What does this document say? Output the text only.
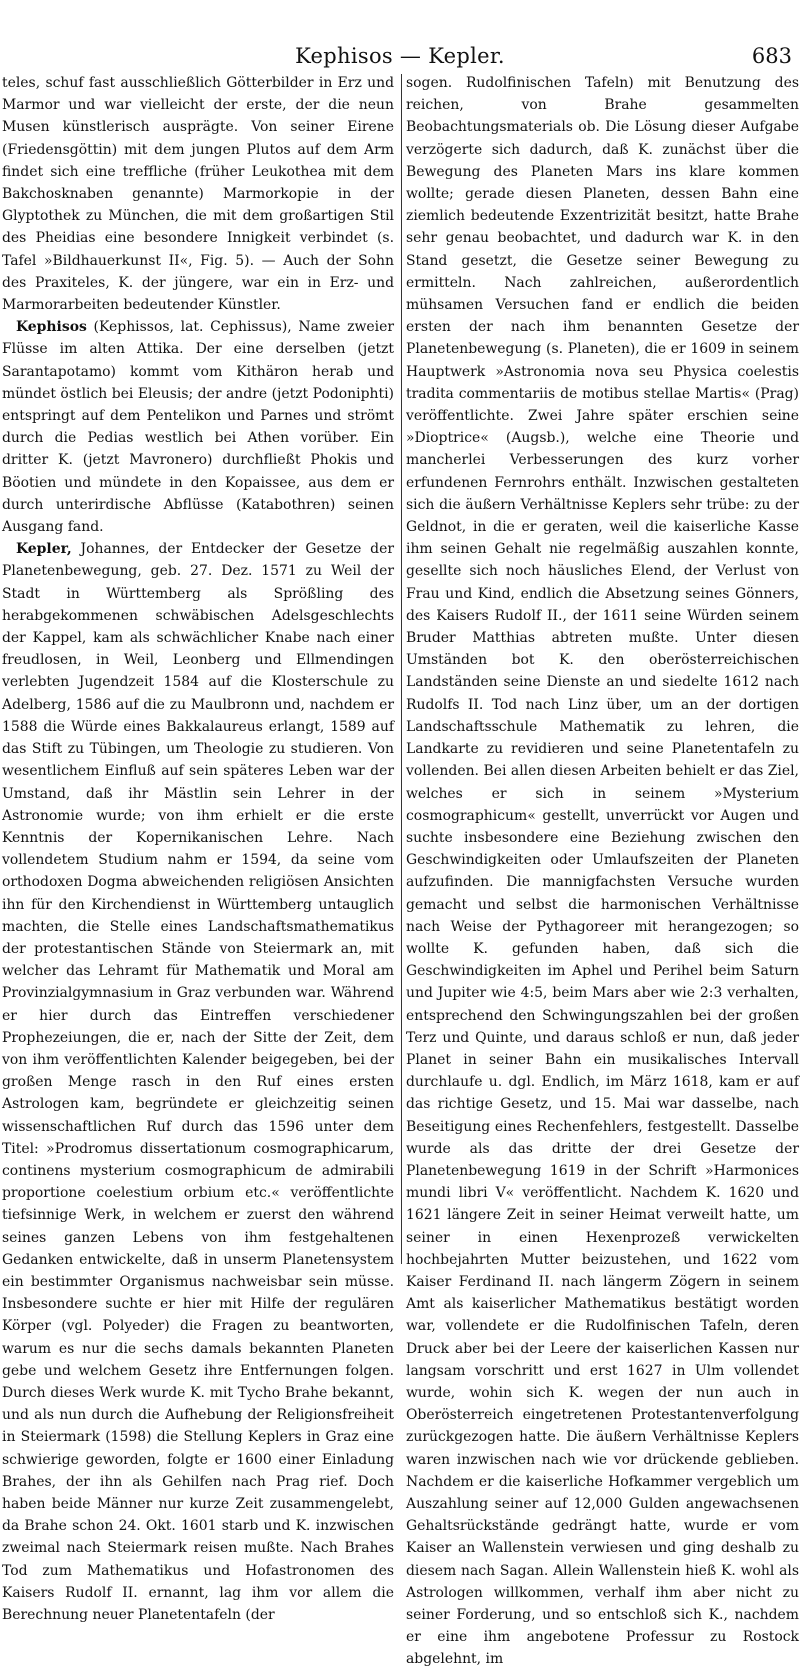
Kephisos — Kepler.	683

teles, schuf fast ausschließlich Götterbilder in Erz und Marmor und war vielleicht der erste, der die neun Musen künstlerisch ausprägte. Von seiner Eirene (Friedensgöttin) mit dem jungen Plutos auf dem Arm findet sich eine treffliche (früher Leukothea mit dem Bakchosknaben genannte) Marmorkopie in der Glyptothek zu München, die mit dem großartigen Stil des Pheidias eine besondere Innigkeit verbindet (s. Tafel »Bildhauerkunst II«, Fig. 5). — Auch der Sohn des Praxiteles, K. der jüngere, war ein in Erz- und Marmorarbeiten bedeutender Künstler.

Kephisos (Kephissos, lat. Cephissus), Name zweier Flüsse im alten Attika. Der eine derselben (jetzt Sarantapotamo) kommt vom Kithäron herab und mündet östlich bei Eleusis; der andre (jetzt Podoniphti) entspringt auf dem Pentelikon und Parnes und strömt durch die Pedias westlich bei Athen vorüber. Ein dritter K. (jetzt Mavronero) durchfließt Phokis und Böotien und mündete in den Kopaissee, aus dem er durch unterirdische Abflüsse (Katabothren) seinen Ausgang fand.

Kepler, Johannes, der Entdecker der Gesetze der Planetenbewegung, geb. 27. Dez. 1571 zu Weil der Stadt in Württemberg als Sprößling des herabgekommenen schwäbischen Adelsgeschlechts der Kappel, kam als schwächlicher Knabe nach einer freudlosen, in Weil, Leonberg und Ellmendingen verlebten Jugendzeit 1584 auf die Klosterschule zu Adelberg, 1586 auf die zu Maulbronn und, nachdem er 1588 die Würde eines Bakkalaureus erlangt, 1589 auf das Stift zu Tübingen, um Theologie zu studieren. Von wesentlichem Einfluß auf sein späteres Leben war der Umstand, daß ihr Mästlin sein Lehrer in der Astronomie wurde; von ihm erhielt er die erste Kenntnis der Kopernikanischen Lehre. Nach vollendetem Studium nahm er 1594, da seine vom orthodoxen Dogma abweichenden religiösen Ansichten ihn für den Kirchendienst in Württemberg untauglich machten, die Stelle eines Landschaftsmathematikus der protestantischen Stände von Steiermark an, mit welcher das Lehramt für Mathematik und Moral am Provinzialgymnasium in Graz verbunden war. Während er hier durch das Eintreffen verschiedener Prophezeiungen, die er, nach der Sitte der Zeit, dem von ihm veröffentlichten Kalender beigegeben, bei der großen Menge rasch in den Ruf eines ersten Astrologen kam, begründete er gleichzeitig seinen wissenschaftlichen Ruf durch das 1596 unter dem Titel: »Prodromus dissertationum cosmographicarum, continens mysterium cosmographicum de admirabili proportione coelestium orbium etc.« veröffentlichte tiefsinnige Werk, in welchem er zuerst den während seines ganzen Lebens von ihm festgehaltenen Gedanken entwickelte, daß in unserm Planetensystem ein bestimmter Organismus nachweisbar sein müsse. Insbesondere suchte er hier mit Hilfe der regulären Körper (vgl. Polyeder) die Fragen zu beantworten, warum es nur die sechs damals bekannten Planeten gebe und welchem Gesetz ihre Entfernungen folgen. Durch dieses Werk wurde K. mit Tycho Brahe bekannt, und als nun durch die Aufhebung der Religionsfreiheit in Steiermark (1598) die Stellung Keplers in Graz eine schwierige geworden, folgte er 1600 einer Einladung Brahes, der ihn als Gehilfen nach Prag rief. Doch haben beide Männer nur kurze Zeit zusammengelebt, da Brahe schon 24. Okt. 1601 starb und K. inzwischen zweimal nach Steiermark reisen mußte. Nach Brahes Tod zum Mathematikus und Hofastronomen des Kaisers Rudolf II. ernannt, lag ihm vor allem die Berechnung neuer Planetentafeln (der

sogen. Rudolfinischen Tafeln) mit Benutzung des reichen, von Brahe gesammelten Beobachtungsmaterials ob. Die Lösung dieser Aufgabe verzögerte sich dadurch, daß K. zunächst über die Bewegung des Planeten Mars ins klare kommen wollte; gerade diesen Planeten, dessen Bahn eine ziemlich bedeutende Exzentrizität besitzt, hatte Brahe sehr genau beobachtet, und dadurch war K. in den Stand gesetzt, die Gesetze seiner Bewegung zu ermitteln. Nach zahlreichen, außerordentlich mühsamen Versuchen fand er endlich die beiden ersten der nach ihm benannten Gesetze der Planetenbewegung (s. Planeten), die er 1609 in seinem Hauptwerk »Astronomia nova seu Physica coelestis tradita commentariis de motibus stellae Martis« (Prag) veröffentlichte. Zwei Jahre später erschien seine »Dioptrice« (Augsb.), welche eine Theorie und mancherlei Verbesserungen des kurz vorher erfundenen Fernrohrs enthält. Inzwischen gestalteten sich die äußern Verhältnisse Keplers sehr trübe: zu der Geldnot, in die er geraten, weil die kaiserliche Kasse ihm seinen Gehalt nie regelmäßig auszahlen konnte, gesellte sich noch häusliches Elend, der Verlust von Frau und Kind, endlich die Absetzung seines Gönners, des Kaisers Rudolf II., der 1611 seine Würden seinem Bruder Matthias abtreten mußte. Unter diesen Umständen bot K. den oberösterreichischen Landständen seine Dienste an und siedelte 1612 nach Rudolfs II. Tod nach Linz über, um an der dortigen Landschaftsschule Mathematik zu lehren, die Landkarte zu revidieren und seine Planetentafeln zu vollenden. Bei allen diesen Arbeiten behielt er das Ziel, welches er sich in seinem »Mysterium cosmographicum« gestellt, unverrückt vor Augen und suchte insbesondere eine Beziehung zwischen den Geschwindigkeiten oder Umlaufszeiten der Planeten aufzufinden. Die mannigfachsten Versuche wurden gemacht und selbst die harmonischen Verhältnisse nach Weise der Pythagoreer mit herangezogen; so wollte K. gefunden haben, daß sich die Geschwindigkeiten im Aphel und Perihel beim Saturn und Jupiter wie 4:5, beim Mars aber wie 2:3 verhalten, entsprechend den Schwingungszahlen bei der großen Terz und Quinte, und daraus schloß er nun, daß jeder Planet in seiner Bahn ein musikalisches Intervall durchlaufe u. dgl. Endlich, im März 1618, kam er auf das richtige Gesetz, und 15. Mai war dasselbe, nach Beseitigung eines Rechenfehlers, festgestellt. Dasselbe wurde als das dritte der drei Gesetze der Planetenbewegung 1619 in der Schrift »Harmonices mundi libri V« veröffentlicht. Nachdem K. 1620 und 1621 längere Zeit in seiner Heimat verweilt hatte, um seiner in einen Hexenprozeß verwickelten hochbejahrten Mutter beizustehen, und 1622 vom Kaiser Ferdinand II. nach längerm Zögern in seinem Amt als kaiserlicher Mathematikus bestätigt worden war, vollendete er die Rudolfinischen Tafeln, deren Druck aber bei der Leere der kaiserlichen Kassen nur langsam vorschritt und erst 1627 in Ulm vollendet wurde, wohin sich K. wegen der nun auch in Oberösterreich eingetretenen Protestantenverfolgung zurückgezogen hatte. Die äußern Verhältnisse Keplers waren inzwischen nach wie vor drückende geblieben. Nachdem er die kaiserliche Hofkammer vergeblich um Auszahlung seiner auf 12,000 Gulden angewachsenen Gehaltsrückstände gedrängt hatte, wurde er vom Kaiser an Wallenstein verwiesen und ging deshalb zu diesem nach Sagan. Allein Wallenstein hieß K. wohl als Astrologen willkommen, verhalf ihm aber nicht zu seiner Forderung, und so entschloß sich K., nachdem er eine ihm angebotene Professur zu Rostock abgelehnt, im
